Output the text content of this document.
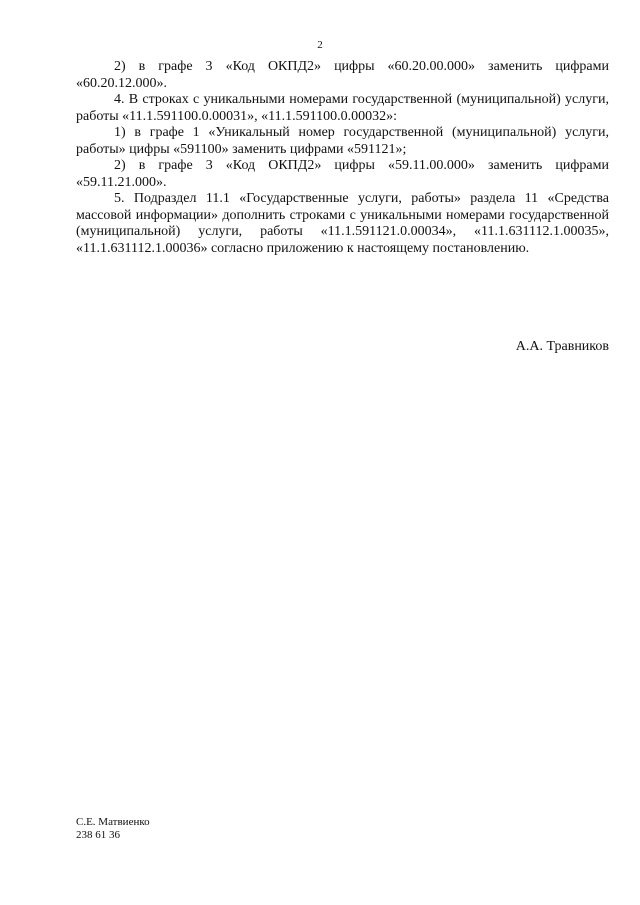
2

2) в графе 3 «Код ОКПД2» цифры «60.20.00.000» заменить цифрами «60.20.12.000».

4. В строках с уникальными номерами государственной (муниципальной) услуги, работы «11.1.591100.0.00031», «11.1.591100.0.00032»:

1) в графе 1 «Уникальный номер государственной (муниципальной) услуги, работы» цифры «591100» заменить цифрами «591121»;

2) в графе 3 «Код ОКПД2» цифры «59.11.00.000» заменить цифрами «59.11.21.000».

5. Подраздел 11.1 «Государственные услуги, работы» раздела 11 «Средства массовой информации» дополнить строками с уникальными номерами государственной (муниципальной) услуги, работы «11.1.591121.0.00034», «11.1.631112.1.00035», «11.1.631112.1.00036» согласно приложению к настоящему постановлению.

А.А. Травников
С.Е. Матвиенко
238 61 36
